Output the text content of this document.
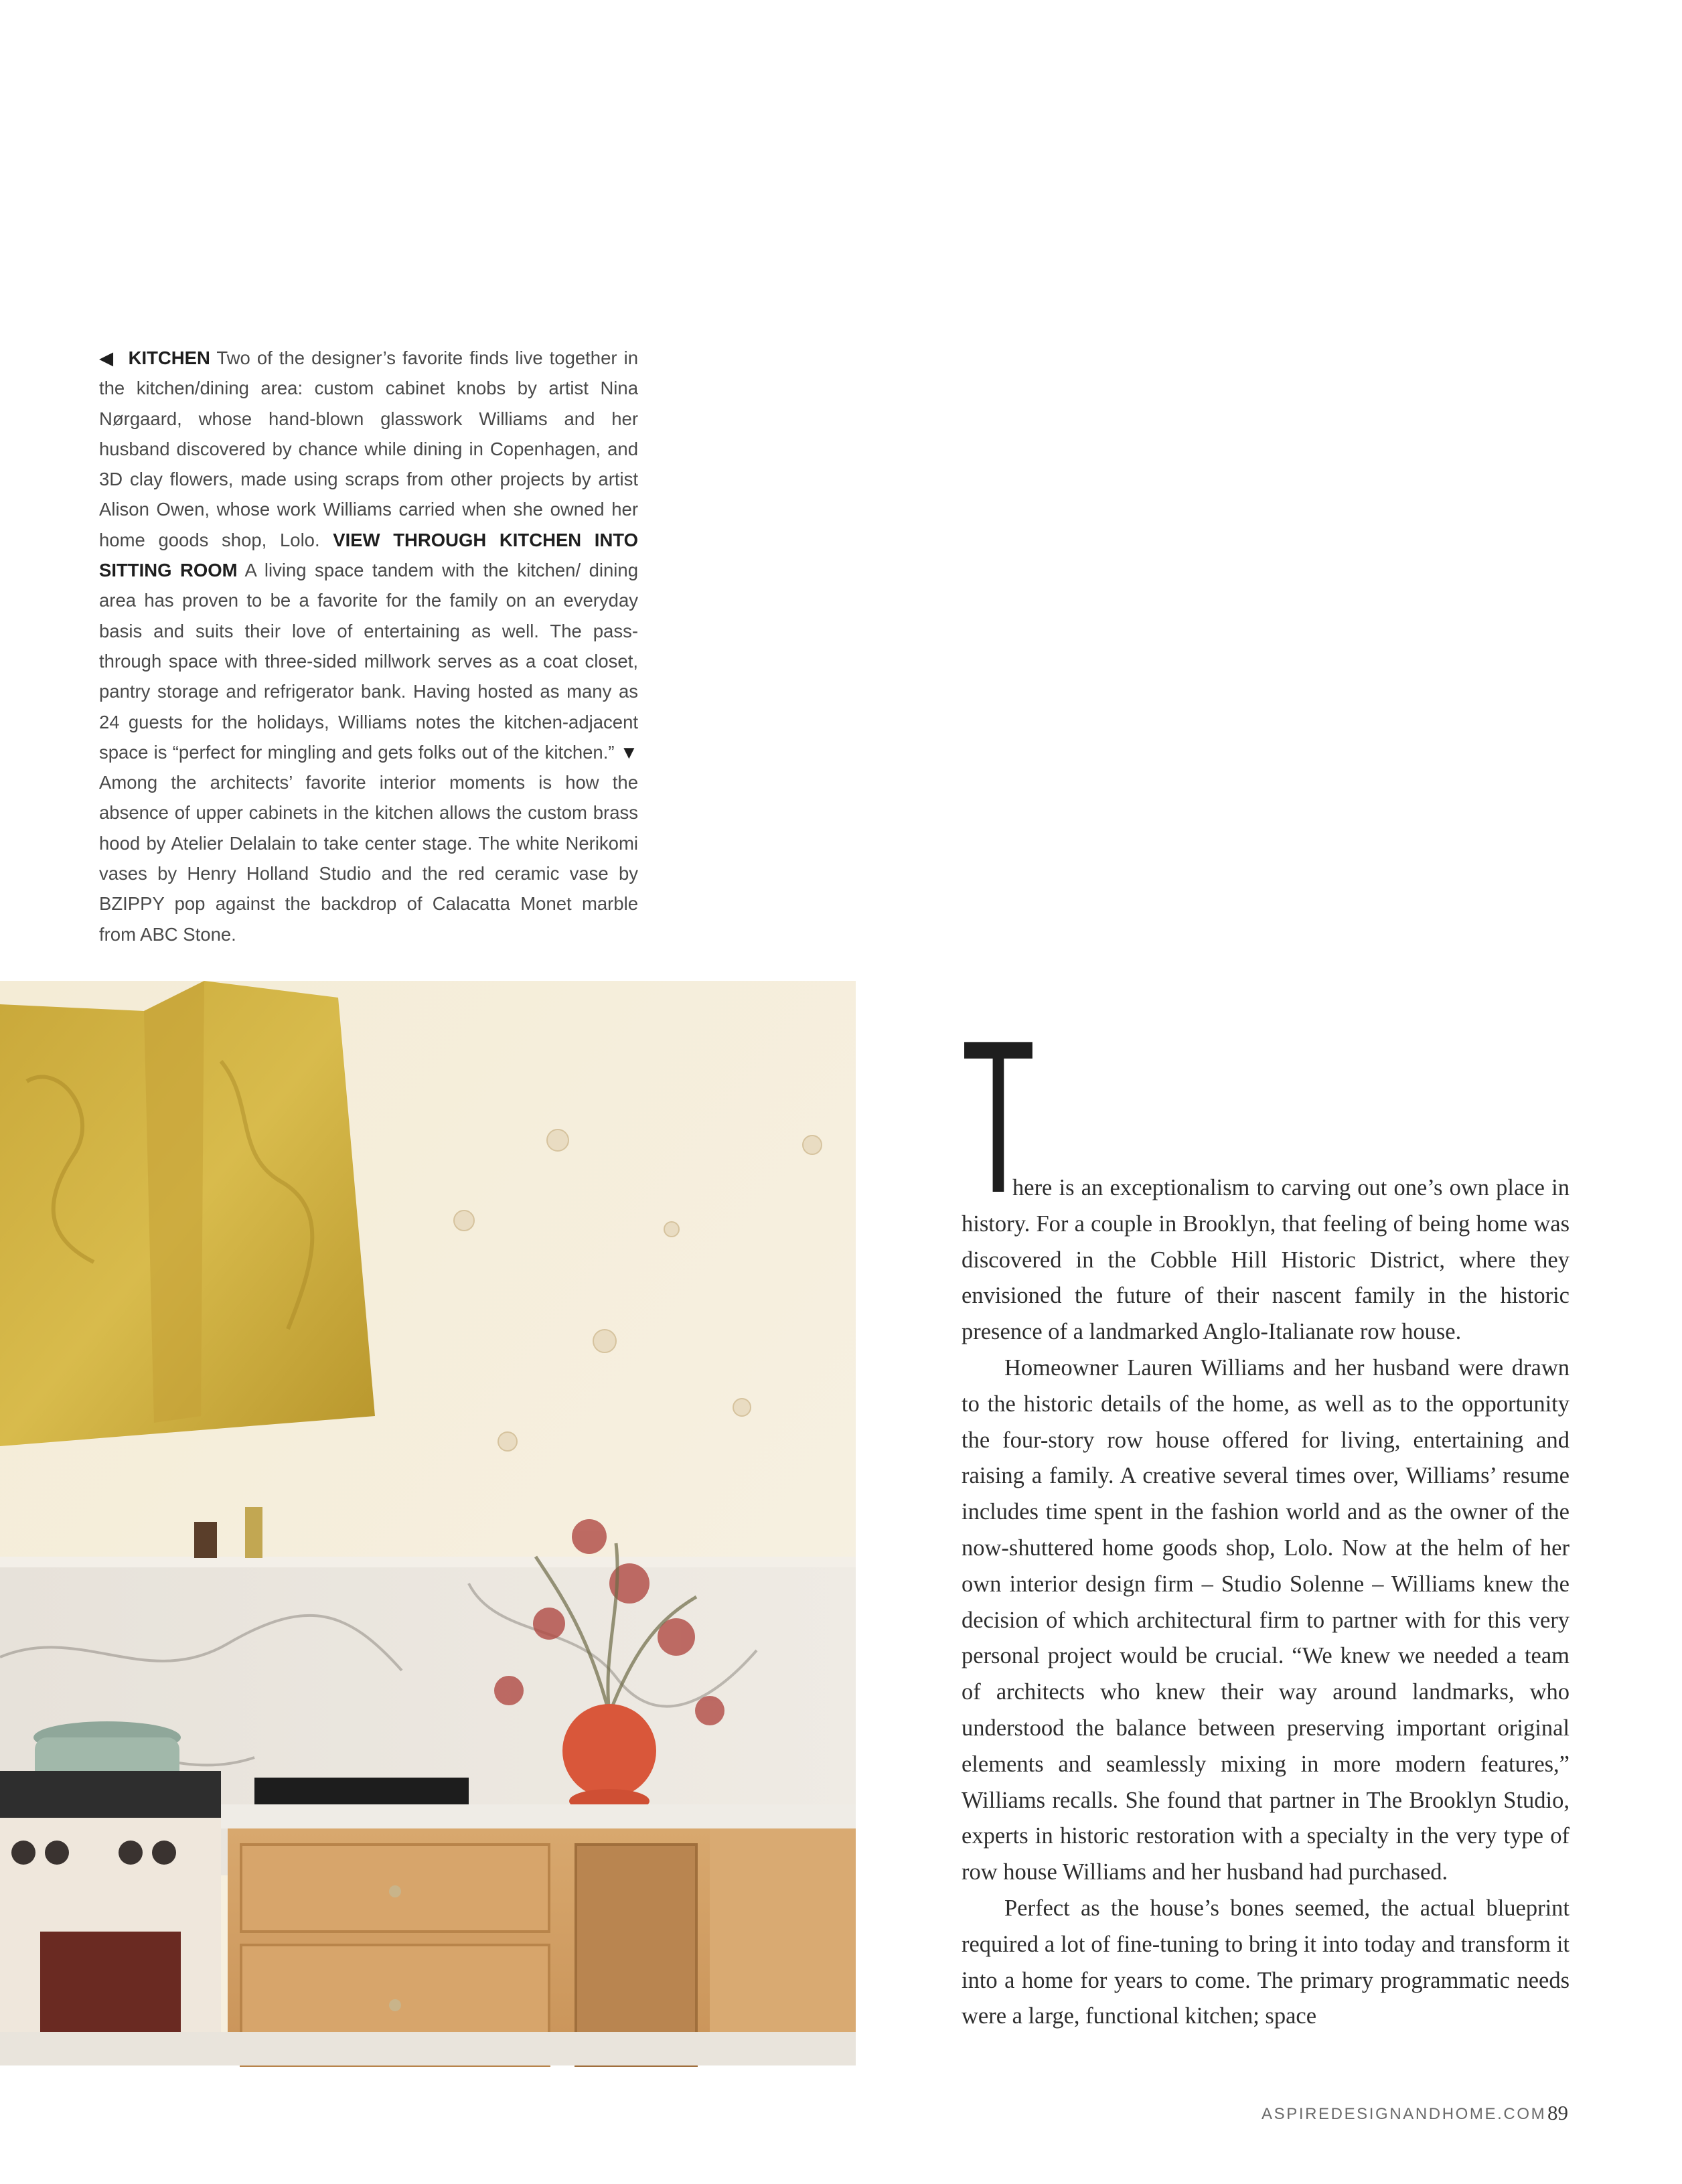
◀ KITCHEN Two of the designer’s favorite finds live together in the kitchen/dining area: custom cabinet knobs by artist Nina Nørgaard, whose hand-blown glasswork Williams and her husband discovered by chance while dining in Copenhagen, and 3D clay flowers, made using scraps from other projects by artist Alison Owen, whose work Williams carried when she owned her home goods shop, Lolo. VIEW THROUGH KITCHEN INTO SITTING ROOM A living space tandem with the kitchen/ dining area has proven to be a favorite for the family on an everyday basis and suits their love of entertaining as well. The pass-through space with three-sided millwork serves as a coat closet, pantry storage and refrigerator bank. Having hosted as many as 24 guests for the holidays, Williams notes the kitchen-adjacent space is “perfect for mingling and gets folks out of the kitchen.” ▼ Among the architects’ favorite interior moments is how the absence of upper cabinets in the kitchen allows the custom brass hood by Atelier Delalain to take center stage. The white Nerikomi vases by Henry Holland Studio and the red ceramic vase by BZIPPY pop against the backdrop of Calacatta Monet marble from ABC Stone.

T

here is an exceptionalism to carving out one’s own place in history. For a couple in Brooklyn, that feeling of being home was discovered in the Cobble Hill Historic District, where they envisioned the future of their nascent family in the historic presence of a landmarked Anglo-Italianate row house.

Homeowner Lauren Williams and her husband were drawn to the historic details of the home, as well as to the opportunity the four-story row house offered for living, entertaining and raising a family. A creative several times over, Williams’ resume includes time spent in the fashion world and as the owner of the now-shuttered home goods shop, Lolo. Now at the helm of her own interior design firm – Studio Solenne – Williams knew the decision of which architectural firm to partner with for this very personal project would be crucial. “We knew we needed a team of architects who knew their way around landmarks, who understood the balance between preserving important original elements and seamlessly mixing in more modern features,” Williams recalls. She found that partner in The Brooklyn Studio, experts in historic restoration with a specialty in the very type of row house Williams and her husband had purchased.

Perfect as the house’s bones seemed, the actual blueprint required a lot of fine-tuning to bring it into today and transform it into a home for years to come. The primary programmatic needs were a large, functional kitchen; space

ASPIREDESIGNANDHOME.COM 89
